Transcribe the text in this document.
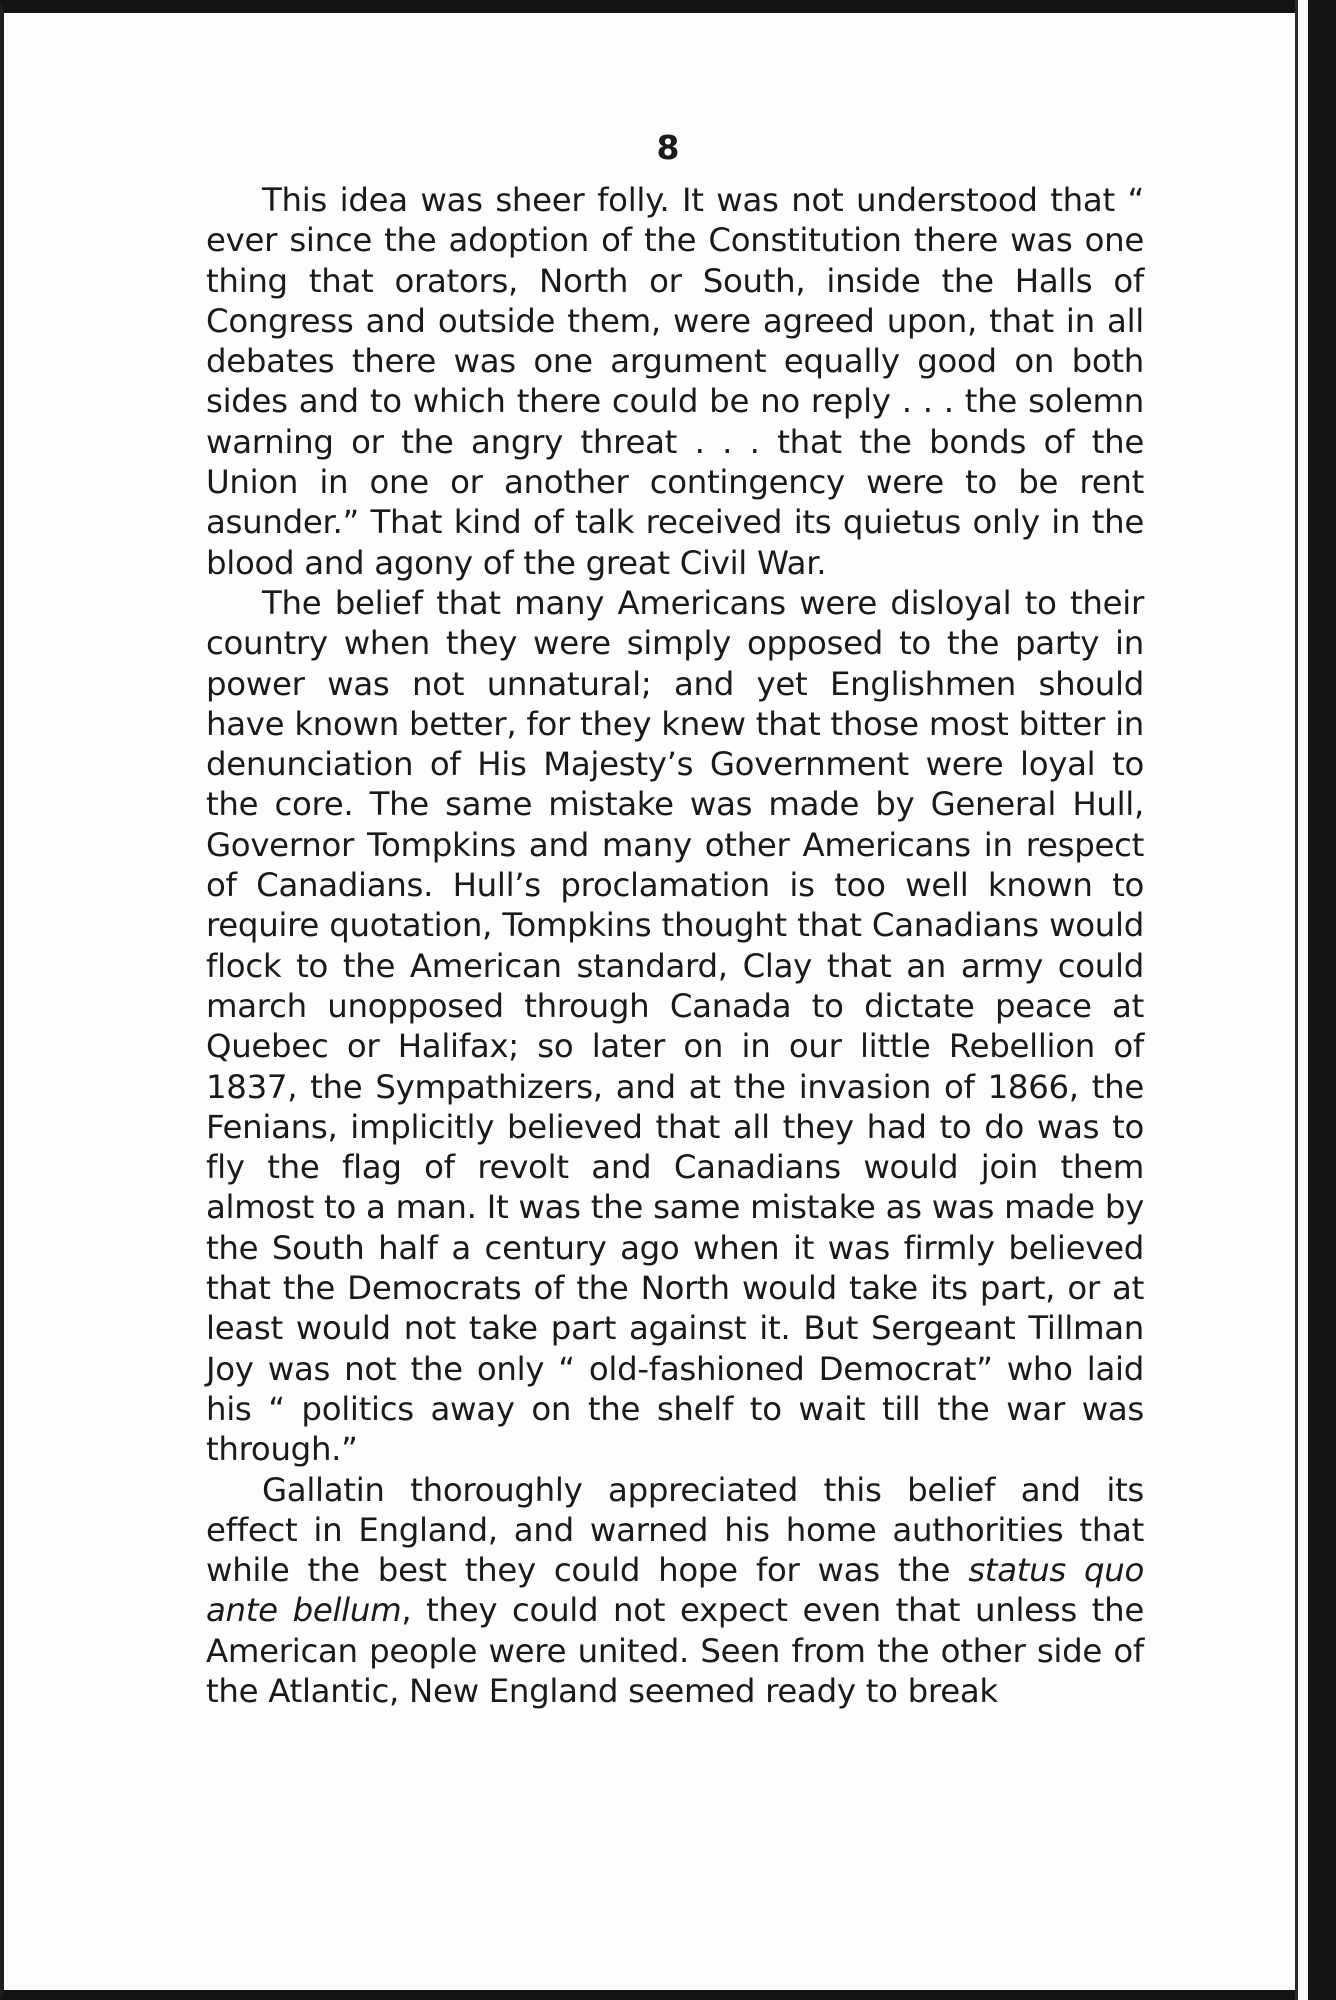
8

This idea was sheer folly. It was not understood that “ ever since the adoption of the Constitution there was one thing that orators, North or South, inside the Halls of Congress and outside them, were agreed upon, that in all debates there was one argument equally good on both sides and to which there could be no reply . . . the solemn warning or the angry threat . . . that the bonds of the Union in one or another contingency were to be rent asunder.” That kind of talk received its quietus only in the blood and agony of the great Civil War.

The belief that many Americans were disloyal to their country when they were simply opposed to the party in power was not unnatural; and yet Englishmen should have known better, for they knew that those most bitter in denunciation of His Majesty’s Government were loyal to the core. The same mistake was made by General Hull, Governor Tompkins and many other Americans in respect of Canadians. Hull’s proclamation is too well known to require quotation, Tompkins thought that Canadians would flock to the American standard, Clay that an army could march unopposed through Canada to dictate peace at Quebec or Halifax; so later on in our little Rebellion of 1837, the Sympathizers, and at the invasion of 1866, the Fenians, implicitly believed that all they had to do was to fly the flag of revolt and Canadians would join them almost to a man. It was the same mistake as was made by the South half a century ago when it was firmly believed that the Democrats of the North would take its part, or at least would not take part against it. But Sergeant Tillman Joy was not the only “ old-fashioned Democrat” who laid his “ politics away on the shelf to wait till the war was through.”

Gallatin thoroughly appreciated this belief and its effect in England, and warned his home authorities that while the best they could hope for was the status quo ante bellum, they could not expect even that unless the American people were united. Seen from the other side of the Atlantic, New England seemed ready to break
